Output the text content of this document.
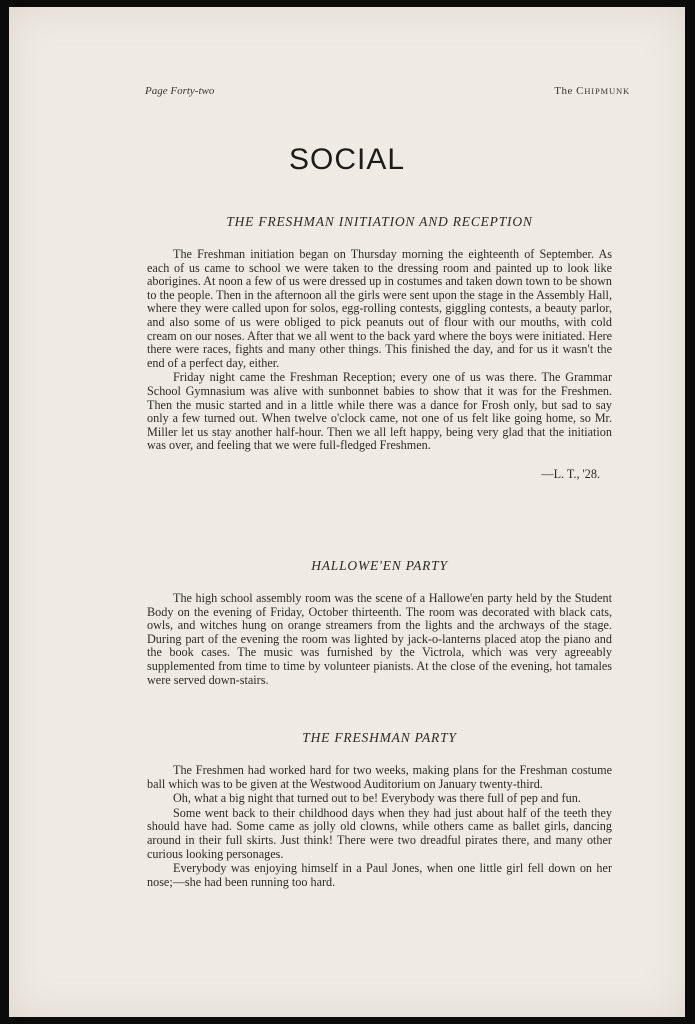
Page Forty-two	The CHIPMUNK
SOCIAL
THE FRESHMAN INITIATION AND RECEPTION

The Freshman initiation began on Thursday morning the eighteenth of September. As each of us came to school we were taken to the dressing room and painted up to look like aborigines. At noon a few of us were dressed up in costumes and taken down town to be shown to the people. Then in the afternoon all the girls were sent upon the stage in the Assembly Hall, where they were called upon for solos, egg-rolling contests, giggling contests, a beauty parlor, and also some of us were obliged to pick peanuts out of flour with our mouths, with cold cream on our noses. After that we all went to the back yard where the boys were initiated. Here there were races, fights and many other things. This finished the day, and for us it wasn't the end of a perfect day, either.

Friday night came the Freshman Reception; every one of us was there. The Grammar School Gymnasium was alive with sunbonnet babies to show that it was for the Freshmen. Then the music started and in a little while there was a dance for Frosh only, but sad to say only a few turned out. When twelve o'clock came, not one of us felt like going home, so Mr. Miller let us stay another half-hour. Then we all left happy, being very glad that the initiation was over, and feeling that we were full-fledged Freshmen.

—L. T., '28.
HALLOWE'EN PARTY

The high school assembly room was the scene of a Hallowe'en party held by the Student Body on the evening of Friday, October thirteenth. The room was decorated with black cats, owls, and witches hung on orange streamers from the lights and the archways of the stage. During part of the evening the room was lighted by jack-o-lanterns placed atop the piano and the book cases. The music was furnished by the Victrola, which was very agreeably supplemented from time to time by volunteer pianists. At the close of the evening, hot tamales were served down-stairs.

THE FRESHMAN PARTY

The Freshmen had worked hard for two weeks, making plans for the Freshman costume ball which was to be given at the Westwood Auditorium on January twenty-third.

Oh, what a big night that turned out to be! Everybody was there full of pep and fun.

Some went back to their childhood days when they had just about half of the teeth they should have had. Some came as jolly old clowns, while others came as ballet girls, dancing around in their full skirts. Just think! There were two dreadful pirates there, and many other curious looking personages.

Everybody was enjoying himself in a Paul Jones, when one little girl fell down on her nose;—she had been running too hard.
